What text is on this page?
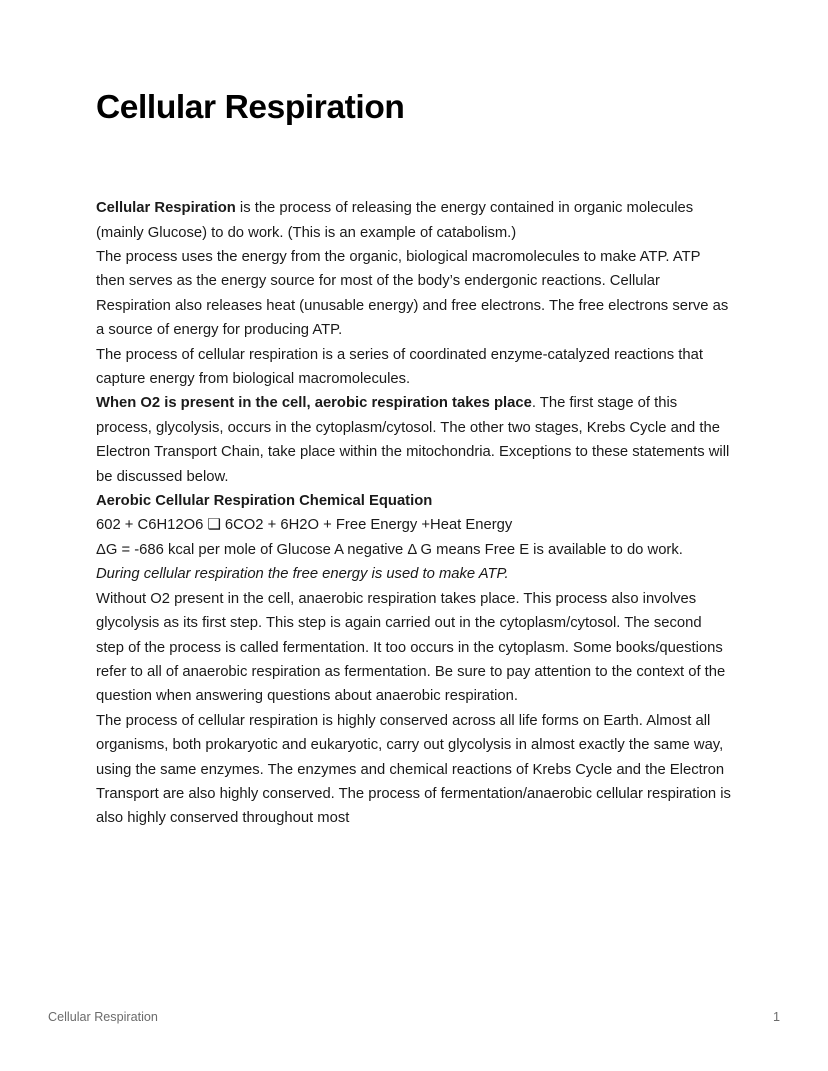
Cellular Respiration

Cellular Respiration is the process of releasing the energy contained in organic molecules (mainly Glucose) to do work. (This is an example of catabolism.)

The process uses the energy from the organic, biological macromolecules to make ATP. ATP then serves as the energy source for most of the body’s endergonic reactions. Cellular Respiration also releases heat (unusable energy) and free electrons. The free electrons serve as a source of energy for producing ATP.

The process of cellular respiration is a series of coordinated enzyme-catalyzed reactions that capture energy from biological macromolecules.

When O2 is present in the cell, aerobic respiration takes place. The first stage of this process, glycolysis, occurs in the cytoplasm/cytosol. The other two stages, Krebs Cycle and the Electron Transport Chain, take place within the mitochondria. Exceptions to these statements will be discussed below.

Aerobic Cellular Respiration Chemical Equation

602 + C6H12O6 ❑ 6CO2 + 6H2O + Free Energy +Heat Energy

ΔG = -686 kcal per mole of Glucose A negative Δ G means Free E is available to do work.

During cellular respiration the free energy is used to make ATP.

Without O2 present in the cell, anaerobic respiration takes place. This process also involves glycolysis as its first step. This step is again carried out in the cytoplasm/cytosol. The second step of the process is called fermentation. It too occurs in the cytoplasm. Some books/questions refer to all of anaerobic respiration as fermentation. Be sure to pay attention to the context of the question when answering questions about anaerobic respiration.

The process of cellular respiration is highly conserved across all life forms on Earth. Almost all organisms, both prokaryotic and eukaryotic, carry out glycolysis in almost exactly the same way, using the same enzymes. The enzymes and chemical reactions of Krebs Cycle and the Electron Transport are also highly conserved. The process of fermentation/anaerobic cellular respiration is also highly conserved throughout most

Cellular Respiration	1
